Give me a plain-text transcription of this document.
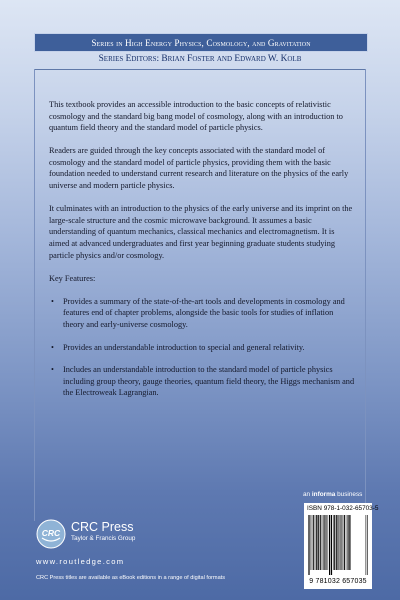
Series in High Energy Physics, Cosmology, and Gravitation
Series Editors: Brian Foster and Edward W. Kolb

This textbook provides an accessible introduction to the basic concepts of relativistic cosmology and the standard big bang model of cosmology, along with an introduction to quantum field theory and the standard model of particle physics.

Readers are guided through the key concepts associated with the standard model of cosmology and the standard model of particle physics, providing them with the basic foundation needed to understand current research and literature on the physics of the early universe and modern particle physics.

It culminates with an introduction to the physics of the early universe and its imprint on the large-scale structure and the cosmic microwave background. It assumes a basic understanding of quantum mechanics, classical mechanics and electromagnetism. It is aimed at advanced undergraduates and first year beginning graduate students studying particle physics and/or cosmology.

Key Features:

• Provides a summary of the state-of-the-art tools and developments in cosmology and features end of chapter problems, alongside the basic tools for studies of inflation theory and early-universe cosmology.
• Provides an understandable introduction to special and general relativity.
• Includes an understandable introduction to the standard model of particle physics including group theory, gauge theories, quantum field theory, the Higgs mechanism and the Electroweak Lagrangian.
an informa business
CRC CRC Press
Taylor & Francis Group
www.routledge.com
CRC Press titles are available as eBook editions in a range of digital formats
ISBN 978-1-032-65703-5
9 781032 657035
